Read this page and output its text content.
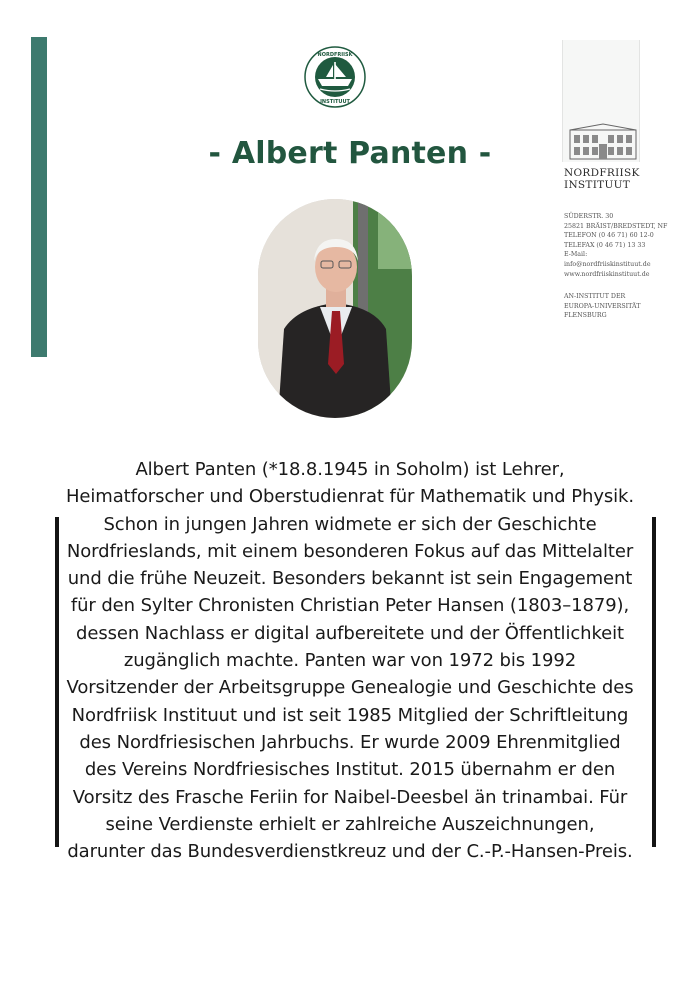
NORDFRIISK
INSTITUUT
- Albert Panten -
NORDFRIISK
INSTITUUT
SÜDERSTR. 30
25821 BRÄIST/BREDSTEDT, NF
TELEFON (0 46 71) 60 12-0
TELEFAX (0 46 71) 13 33
E-Mail:
info@nordfriiskinstituut.de
www.nordfriiskinstituut.de
AN-INSTITUT DER
EUROPA-UNIVERSITÄT
FLENSBURG
Albert Panten (*18.8.1945 in Soholm) ist Lehrer, Heimatforscher und Oberstudienrat für Mathematik und Physik. Schon in jungen Jahren widmete er sich der Geschichte Nordfrieslands, mit einem besonderen Fokus auf das Mittelalter und die frühe Neuzeit. Besonders bekannt ist sein Engagement für den Sylter Chronisten Christian Peter Hansen (1803–1879), dessen Nachlass er digital aufbereitete und der Öffentlichkeit zugänglich machte. Panten war von 1972 bis 1992 Vorsitzender der Arbeitsgruppe Genealogie und Geschichte des Nordfriisk Instituut und ist seit 1985 Mitglied der Schriftleitung des Nordfriesischen Jahrbuchs. Er wurde 2009 Ehrenmitglied des Vereins Nordfriesisches Institut. 2015 übernahm er den Vorsitz des Frasche Feriin for Naibel-Deesbel än trinambai. Für seine Verdienste erhielt er zahlreiche Auszeichnungen, darunter das Bundesverdienstkreuz und der C.-P.-Hansen-Preis.
